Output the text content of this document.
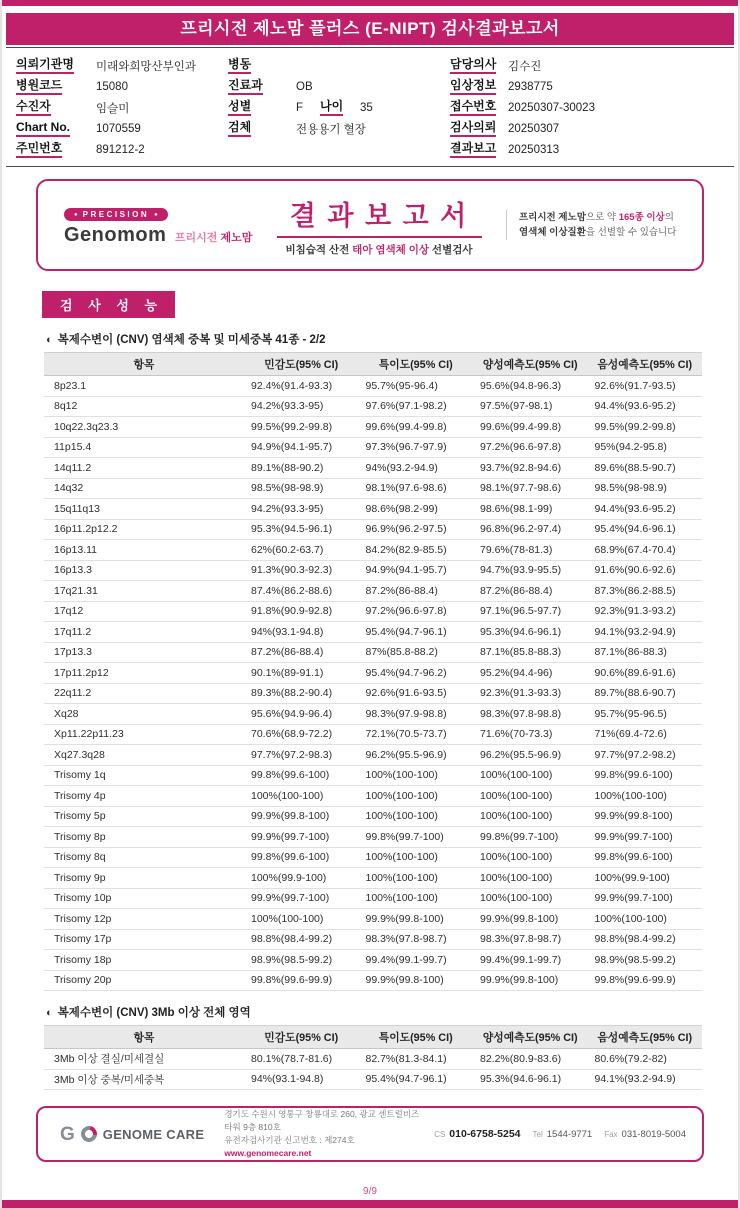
프리시전 제노맘 플러스 (E-NIPT) 검사결과보고서
의뢰기관명	미래와희망산부인과
병원코드	15080
수진자	임슬미
Chart No.	1070559
주민번호	891212-2
병동
진료과	OB
성별	F	나이	35
검체	전용용기 혈장
담당의사	김수진
임상정보	2938775
접수번호	20250307-30023
검사의뢰	20250307
결과보고	20250313
● PRECISION ●
Genomom 프리시전 제노맘
결 과 보 고 서
비침습적 산전 태아 염색체 이상 선별검사
프리시전 제노맘으로 약 165종 이상의
염색체 이상질환을 선별할 수 있습니다
검 사 성 능
◐ 복제수변이 (CNV) 염색체 중복 및 미세중복 41종 - 2/2
항목	민감도(95% CI)	특이도(95% CI)	양성예측도(95% CI)	음성예측도(95% CI)
8p23.1	92.4%(91.4-93.3)	95.7%(95-96.4)	95.6%(94.8-96.3)	92.6%(91.7-93.5)
8q12	94.2%(93.3-95)	97.6%(97.1-98.2)	97.5%(97-98.1)	94.4%(93.6-95.2)
10q22.3q23.3	99.5%(99.2-99.8)	99.6%(99.4-99.8)	99.6%(99.4-99.8)	99.5%(99.2-99.8)
11p15.4	94.9%(94.1-95.7)	97.3%(96.7-97.9)	97.2%(96.6-97.8)	95%(94.2-95.8)
14q11.2	89.1%(88-90.2)	94%(93.2-94.9)	93.7%(92.8-94.6)	89.6%(88.5-90.7)
14q32	98.5%(98-98.9)	98.1%(97.6-98.6)	98.1%(97.7-98.6)	98.5%(98-98.9)
15q11q13	94.2%(93.3-95)	98.6%(98.2-99)	98.6%(98.1-99)	94.4%(93.6-95.2)
16p11.2p12.2	95.3%(94.5-96.1)	96.9%(96.2-97.5)	96.8%(96.2-97.4)	95.4%(94.6-96.1)
16p13.11	62%(60.2-63.7)	84.2%(82.9-85.5)	79.6%(78-81.3)	68.9%(67.4-70.4)
16p13.3	91.3%(90.3-92.3)	94.9%(94.1-95.7)	94.7%(93.9-95.5)	91.6%(90.6-92.6)
17q21.31	87.4%(86.2-88.6)	87.2%(86-88.4)	87.2%(86-88.4)	87.3%(86.2-88.5)
17q12	91.8%(90.9-92.8)	97.2%(96.6-97.8)	97.1%(96.5-97.7)	92.3%(91.3-93.2)
17q11.2	94%(93.1-94.8)	95.4%(94.7-96.1)	95.3%(94.6-96.1)	94.1%(93.2-94.9)
17p13.3	87.2%(86-88.4)	87%(85.8-88.2)	87.1%(85.8-88.3)	87.1%(86-88.3)
17p11.2p12	90.1%(89-91.1)	95.4%(94.7-96.2)	95.2%(94.4-96)	90.6%(89.6-91.6)
22q11.2	89.3%(88.2-90.4)	92.6%(91.6-93.5)	92.3%(91.3-93.3)	89.7%(88.6-90.7)
Xq28	95.6%(94.9-96.4)	98.3%(97.9-98.8)	98.3%(97.8-98.8)	95.7%(95-96.5)
Xp11.22p11.23	70.6%(68.9-72.2)	72.1%(70.5-73.7)	71.6%(70-73.3)	71%(69.4-72.6)
Xq27.3q28	97.7%(97.2-98.3)	96.2%(95.5-96.9)	96.2%(95.5-96.9)	97.7%(97.2-98.2)
Trisomy 1q	99.8%(99.6-100)	100%(100-100)	100%(100-100)	99.8%(99.6-100)
Trisomy 4p	100%(100-100)	100%(100-100)	100%(100-100)	100%(100-100)
Trisomy 5p	99.9%(99.8-100)	100%(100-100)	100%(100-100)	99.9%(99.8-100)
Trisomy 8p	99.9%(99.7-100)	99.8%(99.7-100)	99.8%(99.7-100)	99.9%(99.7-100)
Trisomy 8q	99.8%(99.6-100)	100%(100-100)	100%(100-100)	99.8%(99.6-100)
Trisomy 9p	100%(99.9-100)	100%(100-100)	100%(100-100)	100%(99.9-100)
Trisomy 10p	99.9%(99.7-100)	100%(100-100)	100%(100-100)	99.9%(99.7-100)
Trisomy 12p	100%(100-100)	99.9%(99.8-100)	99.9%(99.8-100)	100%(100-100)
Trisomy 17p	98.8%(98.4-99.2)	98.3%(97.8-98.7)	98.3%(97.8-98.7)	98.8%(98.4-99.2)
Trisomy 18p	98.9%(98.5-99.2)	99.4%(99.1-99.7)	99.4%(99.1-99.7)	98.9%(98.5-99.2)
Trisomy 20p	99.8%(99.6-99.9)	99.9%(99.8-100)	99.9%(99.8-100)	99.8%(99.6-99.9)
◐ 복제수변이 (CNV) 3Mb 이상 전체 영역
항목	민감도(95% CI)	특이도(95% CI)	양성예측도(95% CI)	음성예측도(95% CI)
3Mb 이상 결실/미세결실	80.1%(78.7-81.6)	82.7%(81.3-84.1)	82.2%(80.9-83.6)	80.6%(79.2-82)
3Mb 이상 중복/미세중복	94%(93.1-94.8)	95.4%(94.7-96.1)	95.3%(94.6-96.1)	94.1%(93.2-94.9)
G GENOME CARE
경기도 수원시 영통구 창룡대로 260, 광교 센트럴비즈타워 9층 810호
유전자검사기관 신고번호 : 제274호
www.genomecare.net
CS 010-6758-5254 Tel 1544-9771 Fax 031-8019-5004
9/9
